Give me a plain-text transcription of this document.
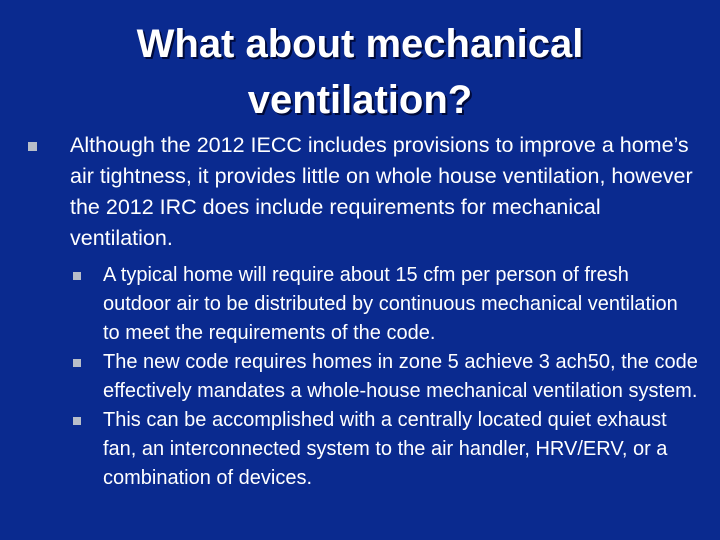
What about mechanical
ventilation?
Although the 2012 IECC includes provisions to improve a home’s air tightness, it provides little on whole house ventilation, however the 2012 IRC does include requirements for mechanical ventilation.
A typical home will require about 15 cfm per person of fresh outdoor air to be distributed by continuous mechanical ventilation to meet the requirements of the code.
The new code requires homes in zone 5 achieve 3 ach50, the code effectively mandates a whole-house mechanical ventilation system.
This can be accomplished with a centrally located quiet exhaust fan, an interconnected system to the air handler, HRV/ERV, or a combination of devices.
